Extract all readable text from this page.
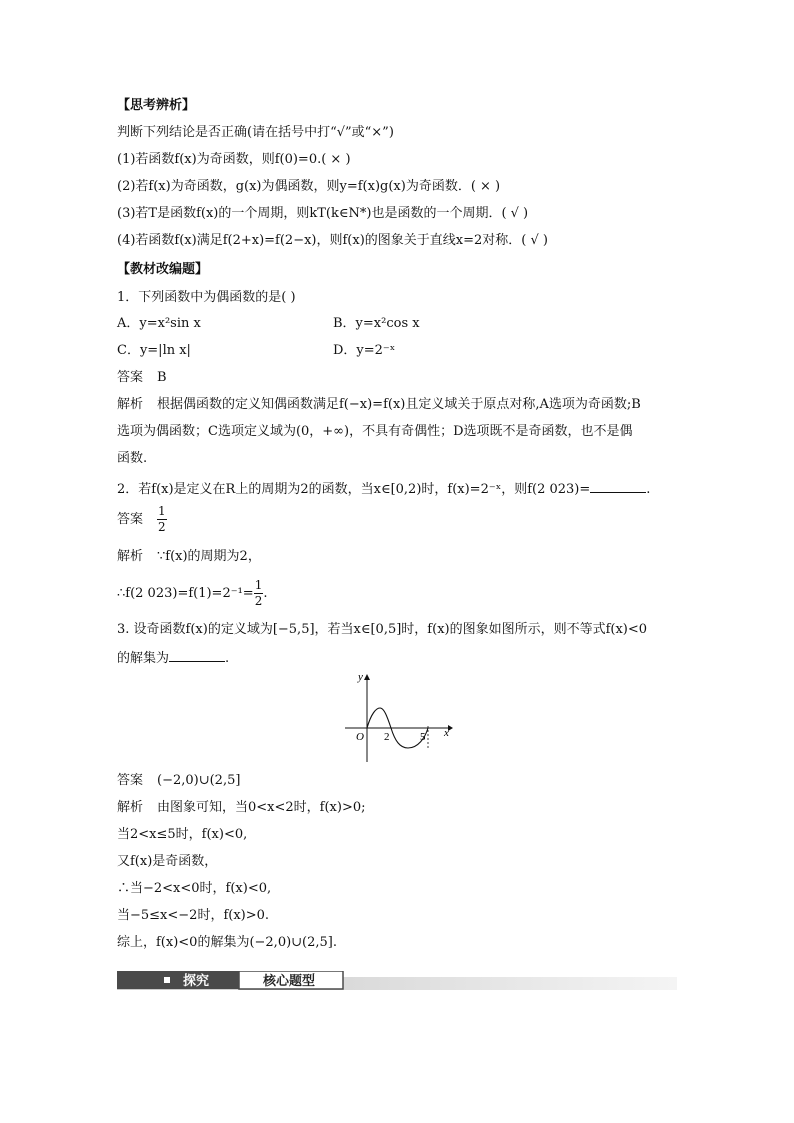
【思考辨析】
判断下列结论是否正确(请在括号中打“√”或“×”)
(1)若函数f(x)为奇函数，则f(0)=0.( × )
(2)若f(x)为奇函数，g(x)为偶函数，则y=f(x)g(x)为奇函数．( × )
(3)若T是函数f(x)的一个周期，则kT(k∈N*)也是函数的一个周期．( √ )
(4)若函数f(x)满足f(2+x)=f(2−x)，则f(x)的图象关于直线x=2对称．( √ )
【教材改编题】
1．下列函数中为偶函数的是( )
A．y=x²sin x	B．y=x²cos x
C．y=|ln x|	D．y=2⁻ˣ
答案 B
解析 根据偶函数的定义知偶函数满足f(−x)=f(x)且定义域关于原点对称,A选项为奇函数;B
选项为偶函数；C选项定义域为(0，+∞)，不具有奇偶性；D选项既不是奇函数，也不是偶
函数.
2．若f(x)是定义在R上的周期为2的函数，当x∈[0,2)时，f(x)=2⁻ˣ，则f(2 023)=	.
答案 $\frac{1}{2}$
解析 ∵f(x)的周期为2，
∴f(2 $023)=f(1)=2^{-1}= \frac{1}{2}$ .
3. 设奇函数f(x)的定义域为[−5,5]，若当x∈[0,5]时，f(x)的图象如图所示，则不等式f(x)<0
的解集为	.
y
x
O 2	5
答案 (−2,0)∪(2,5]
解析 由图象可知，当0<x<2时，f(x)>0;
当2<x≤5时，f(x)<0,
又f(x)是奇函数，
∴当−2<x<0时，f(x)<0,
当−5≤x<−2时，f(x)>0.
综上，f(x)<0的解集为(−2,0)∪(2,5].
探究	核心题型
